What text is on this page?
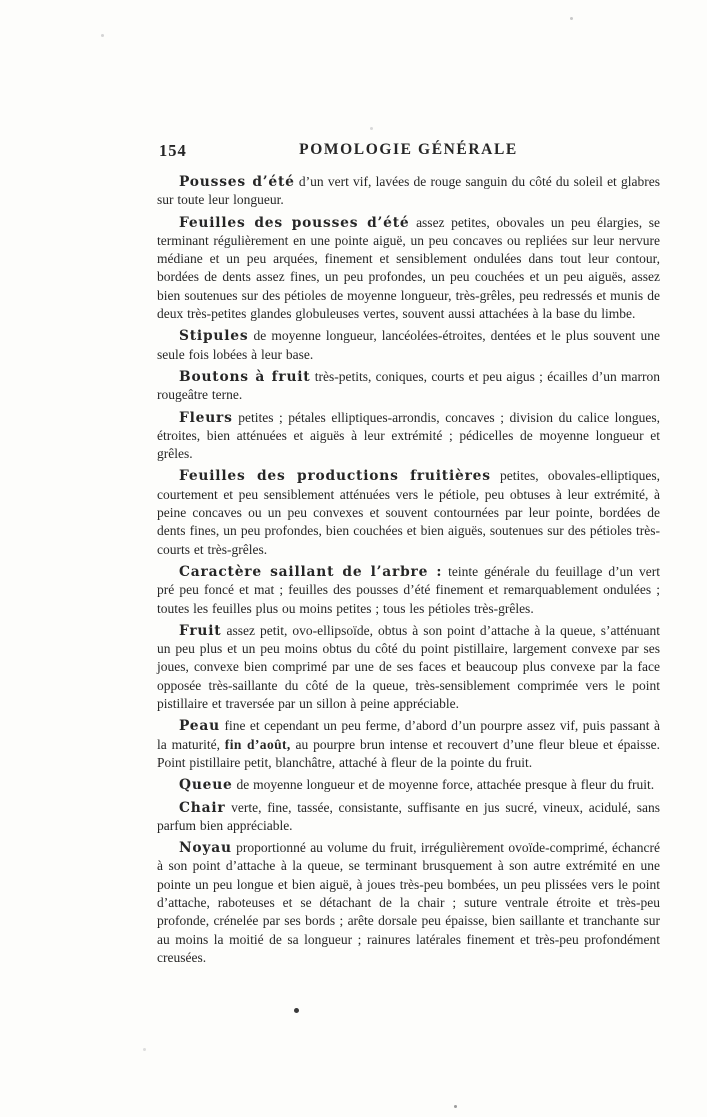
154	POMOLOGIE GÉNÉRALE

Pousses d’été d’un vert vif, lavées de rouge sanguin du côté du soleil et glabres sur toute leur longueur.

Feuilles des pousses d’été assez petites, obovales un peu élargies, se terminant régulièrement en une pointe aiguë, un peu concaves ou repliées sur leur nervure médiane et un peu arquées, finement et sensiblement ondulées dans tout leur contour, bordées de dents assez fines, un peu profondes, un peu couchées et un peu aiguës, assez bien soutenues sur des pétioles de moyenne longueur, très-grêles, peu redressés et munis de deux très-petites glandes globuleuses vertes, souvent aussi attachées à la base du limbe.

Stipules de moyenne longueur, lancéolées-étroites, dentées et le plus souvent une seule fois lobées à leur base.

Boutons à fruit très-petits, coniques, courts et peu aigus ; écailles d’un marron rougeâtre terne.

Fleurs petites ; pétales elliptiques-arrondis, concaves ; division du calice longues, étroites, bien atténuées et aiguës à leur extrémité ; pédicelles de moyenne longueur et grêles.

Feuilles des productions fruitières petites, obovales-elliptiques, courtement et peu sensiblement atténuées vers le pétiole, peu obtuses à leur extrémité, à peine concaves ou un peu convexes et souvent contournées par leur pointe, bordées de dents fines, un peu profondes, bien couchées et bien aiguës, soutenues sur des pétioles très-courts et très-grêles.

Caractère saillant de l’arbre : teinte générale du feuillage d’un vert pré peu foncé et mat ; feuilles des pousses d’été finement et remarquablement ondulées ; toutes les feuilles plus ou moins petites ; tous les pétioles très-grêles.

Fruit assez petit, ovo-ellipsoïde, obtus à son point d’attache à la queue, s’atténuant un peu plus et un peu moins obtus du côté du point pistillaire, largement convexe par ses joues, convexe bien comprimé par une de ses faces et beaucoup plus convexe par la face opposée très-saillante du côté de la queue, très-sensiblement comprimée vers le point pistillaire et traversée par un sillon à peine appréciable.

Peau fine et cependant un peu ferme, d’abord d’un pourpre assez vif, puis passant à la maturité, fin d’août, au pourpre brun intense et recouvert d’une fleur bleue et épaisse. Point pistillaire petit, blanchâtre, attaché à fleur de la pointe du fruit.

Queue de moyenne longueur et de moyenne force, attachée presque à fleur du fruit.

Chair verte, fine, tassée, consistante, suffisante en jus sucré, vineux, acidulé, sans parfum bien appréciable.

Noyau proportionné au volume du fruit, irrégulièrement ovoïde-comprimé, échancré à son point d’attache à la queue, se terminant brusquement à son autre extrémité en une pointe un peu longue et bien aiguë, à joues très-peu bombées, un peu plissées vers le point d’attache, raboteuses et se détachant de la chair ; suture ventrale étroite et très-peu profonde, crénelée par ses bords ; arête dorsale peu épaisse, bien saillante et tranchante sur au moins la moitié de sa longueur ; rainures latérales finement et très-peu profondément creusées.
